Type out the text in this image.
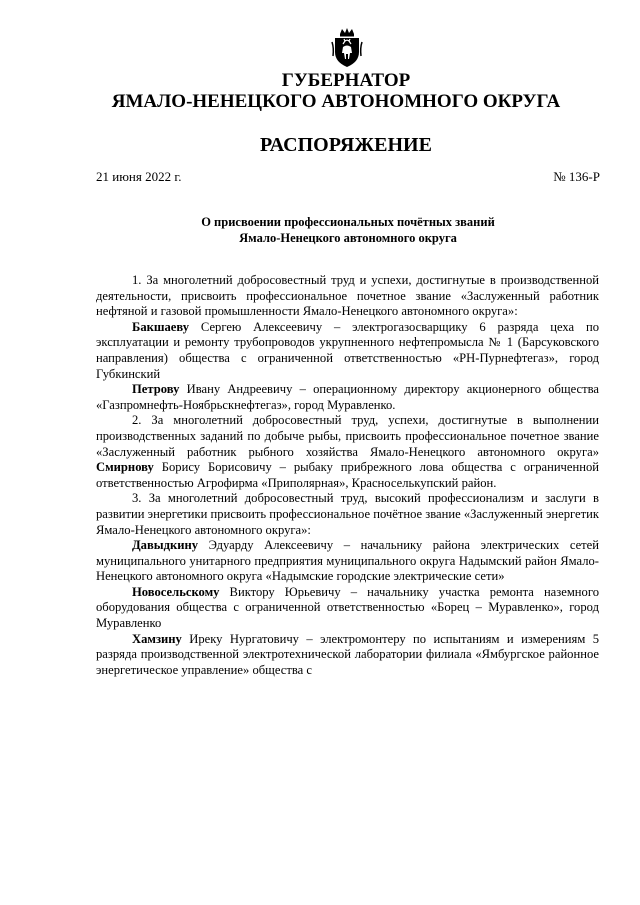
ГУБЕРНАТОР
ЯМАЛО-НЕНЕЦКОГО АВТОНОМНОГО ОКРУГА
РАСПОРЯЖЕНИЕ
21 июня 2022 г.	№ 136-Р
О присвоении профессиональных почётных званий
Ямало-Ненецкого автономного округа

1. За многолетний добросовестный труд и успехи, достигнутые в производственной деятельности, присвоить профессиональное почетное звание «Заслуженный работник нефтяной и газовой промышленности Ямало-Ненецкого автономного округа»:

Бакшаеву Сергею Алексеевичу – электрогазосварщику 6 разряда цеха по эксплуатации и ремонту трубопроводов укрупненного нефтепромысла № 1 (Барсуковского направления) общества с ограниченной ответственностью «РН-Пурнефтегаз», город Губкинский

Петрову Ивану Андреевичу – операционному директору акционерного общества «Газпромнефть-Ноябрьскнефтегаз», город Муравленко.

2. За многолетний добросовестный труд, успехи, достигнутые в выполнении производственных заданий по добыче рыбы, присвоить профессиональное почетное звание «Заслуженный работник рыбного хозяйства Ямало-Ненецкого автономного округа» Смирнову Борису Борисовичу – рыбаку прибрежного лова общества с ограниченной ответственностью Агрофирма «Приполярная», Красноселькупский район.

3. За многолетний добросовестный труд, высокий профессионализм и заслуги в развитии энергетики присвоить профессиональное почётное звание «Заслуженный энергетик Ямало-Ненецкого автономного округа»:

Давыдкину Эдуарду Алексеевичу – начальнику района электрических сетей муниципального унитарного предприятия муниципального округа Надымский район Ямало-Ненецкого автономного округа «Надымские городские электрические сети»

Новосельскому Виктору Юрьевичу – начальнику участка ремонта наземного оборудования общества с ограниченной ответственностью «Борец – Муравленко», город Муравленко

Хамзину Иреку Нургатовичу – электромонтеру по испытаниям и измерениям 5 разряда производственной электротехнической лаборатории филиала «Ямбургское районное энергетическое управление» общества с
